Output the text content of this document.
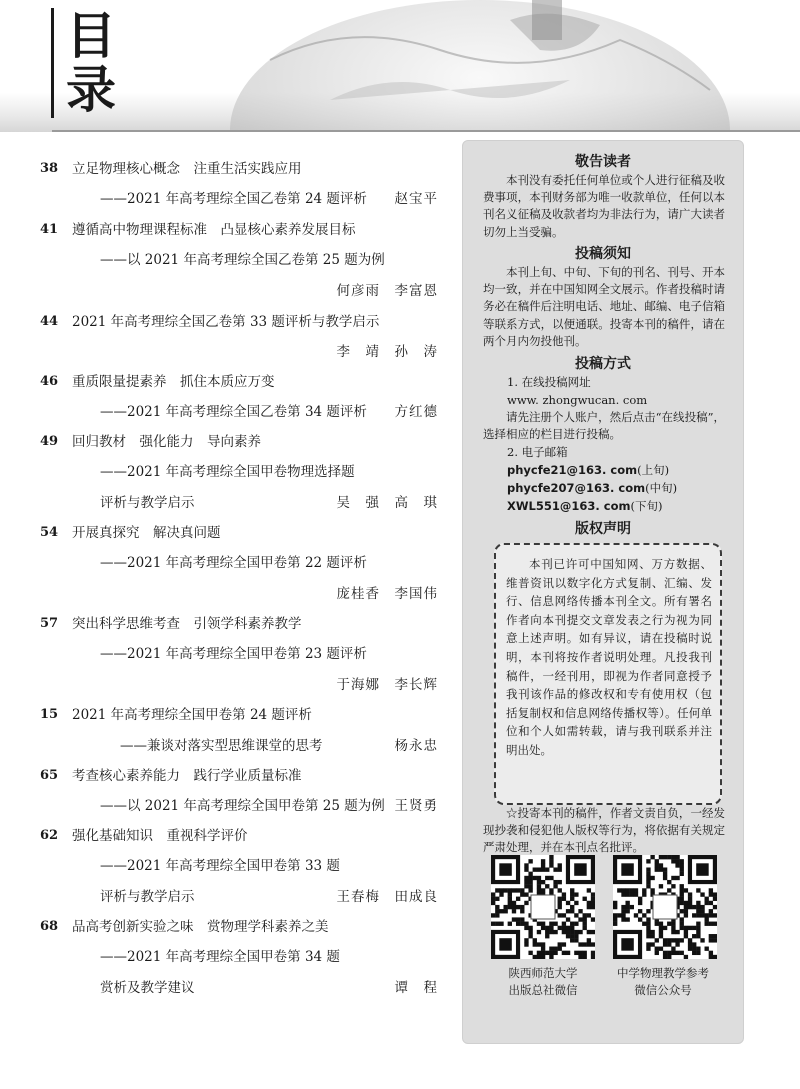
目
录
38 立足物理核心概念　注重生活实践应用
——2021 年高考理综全国乙卷第 24 题评析 赵宝平
41 遵循高中物理课程标准　凸显核心素养发展目标
——以 2021 年高考理综全国乙卷第 25 题为例
何彦雨　李富恩
44 2021 年高考理综全国乙卷第 33 题评析与教学启示
李　靖　孙　涛
46 重质限量提素养　抓住本质应万变
——2021 年高考理综全国乙卷第 34 题评析 方红德
49 回归教材　强化能力　导向素养
——2021 年高考理综全国甲卷物理选择题
评析与教学启示	吴　强　高　琪
54 开展真探究　解决真问题
——2021 年高考理综全国甲卷第 22 题评析
庞桂香　李国伟
57 突出科学思维考查　引领学科素养教学
——2021 年高考理综全国甲卷第 23 题评析
于海娜　李长辉
15 2021 年高考理综全国甲卷第 24 题评析
——兼谈对落实型思维课堂的思考	杨永忠
65 考查核心素养能力　践行学业质量标准
——以 2021 年高考理综全国甲卷第 25 题为例 王贤勇
62 强化基础知识　重视科学评价
——2021 年高考理综全国甲卷第 33 题
评析与教学启示	王春梅　田成良
68 品高考创新实验之味　赏物理学科素养之美
——2021 年高考理综全国甲卷第 34 题
赏析及教学建议	谭　程
敬告读者
本刊没有委托任何单位或个人进行征稿及收费事项，本刊财务部为唯一收款单位，任何以本刊名义征稿及收款者均为非法行为，请广大读者切勿上当受骗。
投稿须知
本刊上旬、中旬、下旬的刊名、刊号、开本均一致，并在中国知网全文展示。作者投稿时请务必在稿件后注明电话、地址、邮编、电子信箱等联系方式，以便通联。投寄本刊的稿件，请在两个月内勿投他刊。
投稿方式
1. 在线投稿网址
www. zhongwucan. com
请先注册个人账户，然后点击“在线投稿”，选择相应的栏目进行投稿。
2. 电子邮箱
phycfe21@163. com(上旬)
phycfe207@163. com(中旬)
XWL551@163. com(下旬)
版权声明
本刊已许可中国知网、万方数据、维普资讯以数字化方式复制、汇编、发行、信息网络传播本刊全文。所有署名作者向本刊提交文章发表之行为视为同意上述声明。如有异议，请在投稿时说明，本刊将按作者说明处理。凡投我刊稿件，一经刊用，即视为作者同意授予我刊该作品的修改权和专有使用权（包括复制权和信息网络传播权等）。任何单位和个人如需转载，请与我刊联系并注明出处。
☆投寄本刊的稿件，作者文责自负，一经发现抄袭和侵犯他人版权等行为，将依据有关规定严肃处理，并在本刊点名批评。
陕西师范大学
出版总社微信
中学物理教学参考
微信公众号
